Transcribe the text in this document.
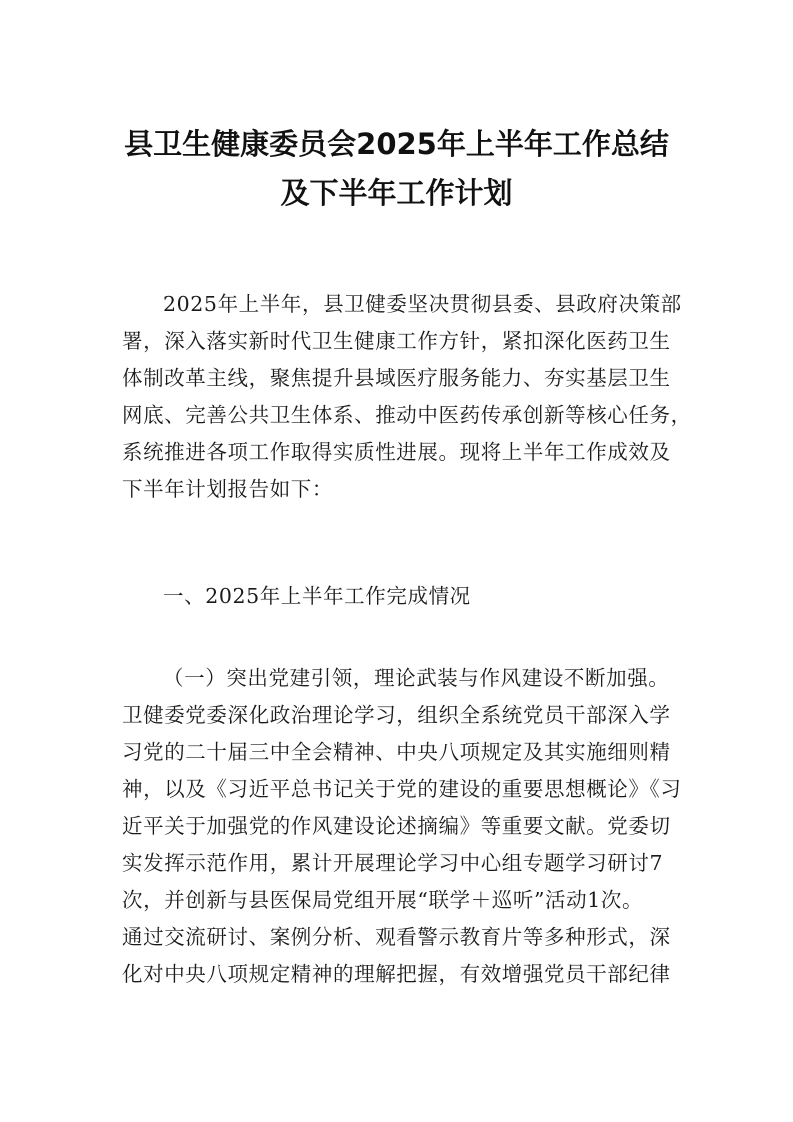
县卫生健康委员会2025年上半年工作总结
及下半年工作计划
2025年上半年，县卫健委坚决贯彻县委、县政府决策部
署，深入落实新时代卫生健康工作方针，紧扣深化医药卫生
体制改革主线，聚焦提升县域医疗服务能力、夯实基层卫生
网底、完善公共卫生体系、推动中医药传承创新等核心任务，
系统推进各项工作取得实质性进展。现将上半年工作成效及
下半年计划报告如下：
一、2025年上半年工作完成情况
（一）突出党建引领，理论武装与作风建设不断加强。
卫健委党委深化政治理论学习，组织全系统党员干部深入学
习党的二十届三中全会精神、中央八项规定及其实施细则精
神，以及《习近平总书记关于党的建设的重要思想概论》《习
近平关于加强党的作风建设论述摘编》等重要文献。党委切
实发挥示范作用，累计开展理论学习中心组专题学习研讨7
次，并创新与县医保局党组开展“联学＋巡听”活动1次。
通过交流研讨、案例分析、观看警示教育片等多种形式，深
化对中央八项规定精神的理解把握，有效增强党员干部纪律
